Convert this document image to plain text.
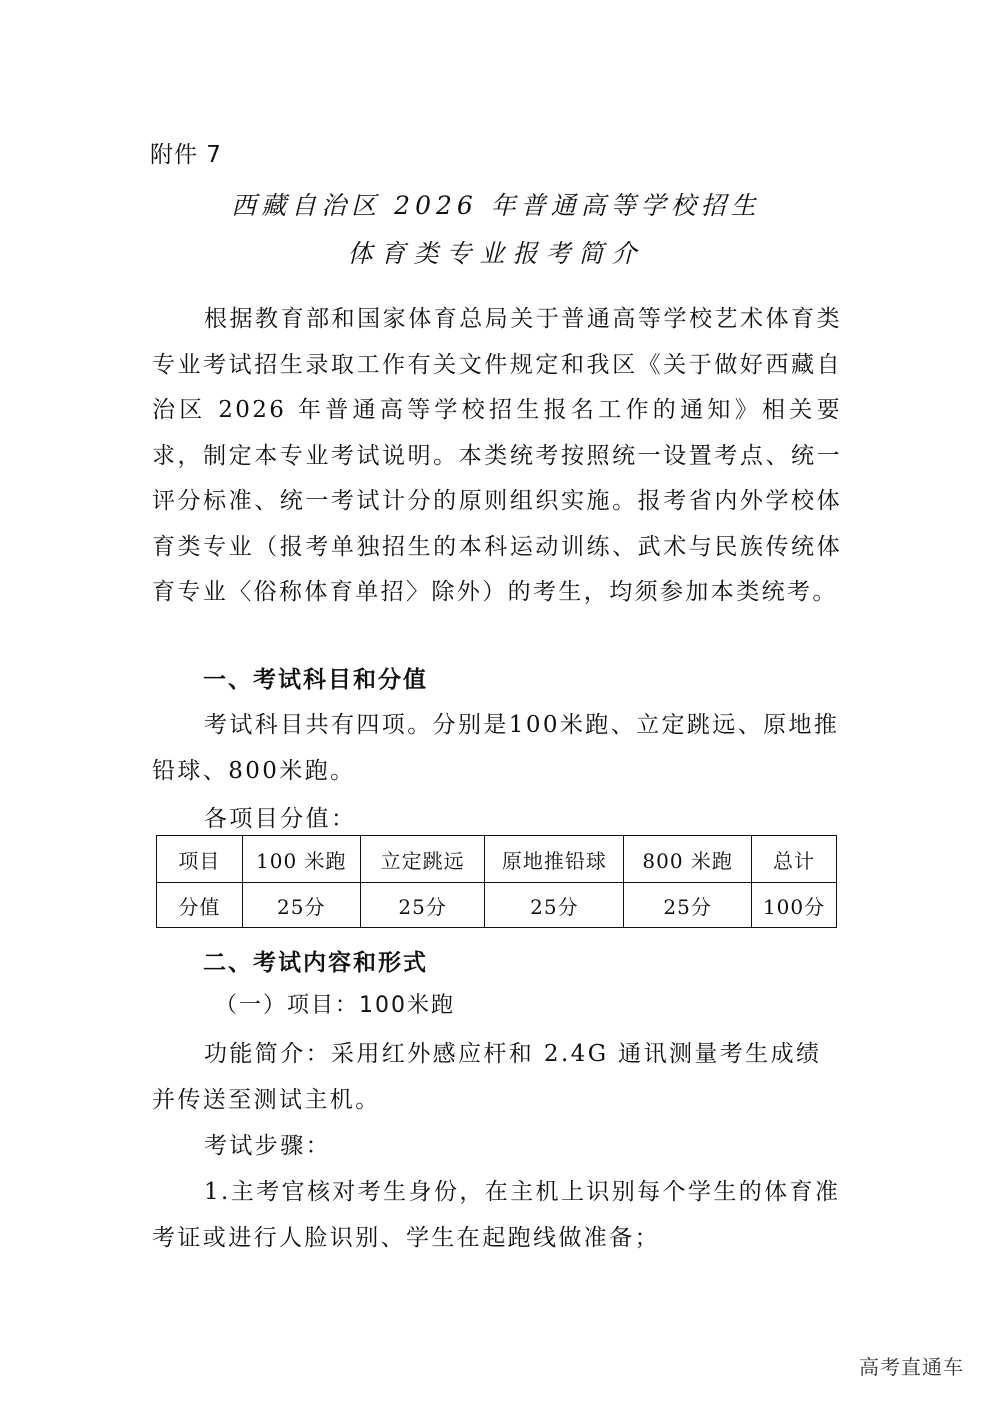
附件 7
西藏自治区 2026 年普通高等学校招生
体育类专业报考简介
根据教育部和国家体育总局关于普通高等学校艺术体育类专业考试招生录取工作有关文件规定和我区《关于做好西藏自治区 2026 年普通高等学校招生报名工作的通知》相关要求，制定本专业考试说明。本类统考按照统一设置考点、统一评分标准、统一考试计分的原则组织实施。报考省内外学校体育类专业（报考单独招生的本科运动训练、武术与民族传统体育专业〈俗称体育单招〉除外）的考生，均须参加本类统考。
一、考试科目和分值
考试科目共有四项。分别是100米跑、立定跳远、原地推铅球、800米跑。
各项目分值：
项目	100 米跑	立定跳远	原地推铅球	800 米跑	总计
分值	25分	25分	25分	25分	100分
二、考试内容和形式
（一）项目：100米跑
功能简介：采用红外感应杆和 2.4G 通讯测量考生成绩并传送至测试主机。
考试步骤：
1.主考官核对考生身份，在主机上识别每个学生的体育准考证或进行人脸识别、学生在起跑线做准备；
高考直通车
